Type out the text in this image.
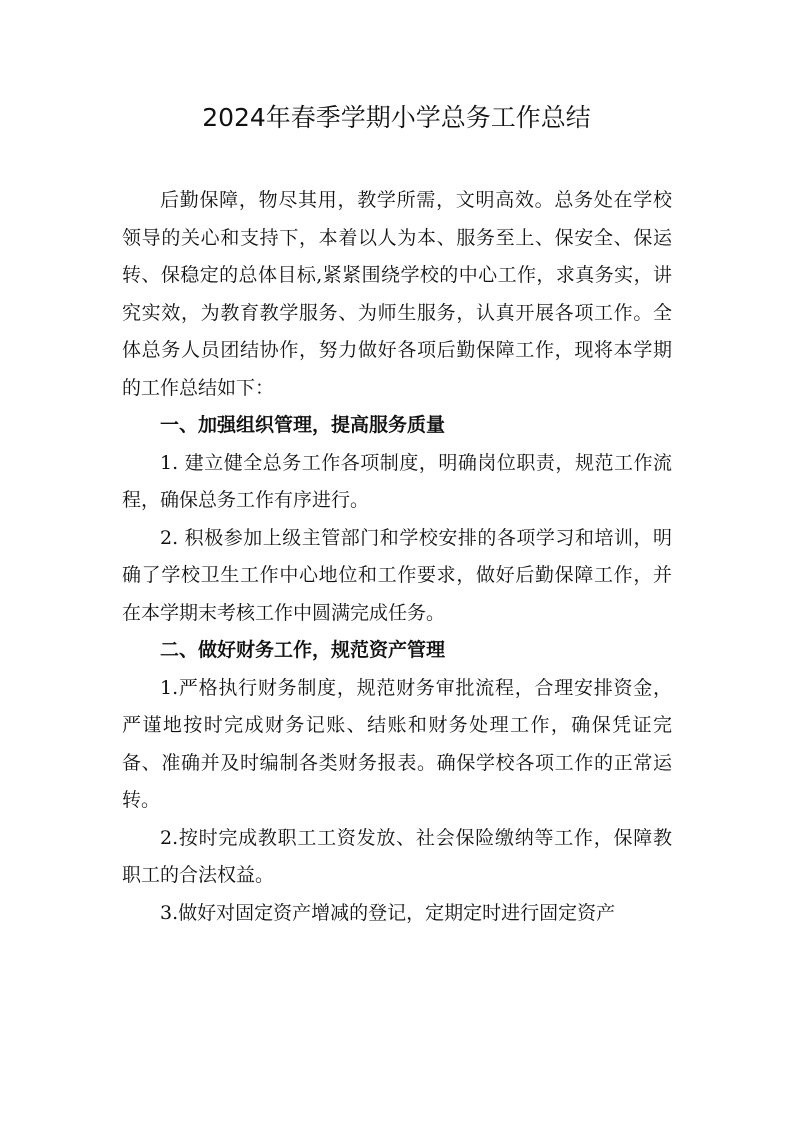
2024年春季学期小学总务工作总结

后勤保障，物尽其用，教学所需，文明高效。总务处在学校领导的关心和支持下，本着以人为本、服务至上、保安全、保运转、保稳定的总体目标,紧紧围绕学校的中心工作，求真务实，讲究实效，为教育教学服务、为师生服务，认真开展各项工作。全体总务人员团结协作，努力做好各项后勤保障工作，现将本学期的工作总结如下：

一、加强组织管理，提高服务质量

1. 建立健全总务工作各项制度，明确岗位职责，规范工作流程，确保总务工作有序进行。

2. 积极参加上级主管部门和学校安排的各项学习和培训，明确了学校卫生工作中心地位和工作要求，做好后勤保障工作，并在本学期末考核工作中圆满完成任务。

二、做好财务工作，规范资产管理

1.严格执行财务制度，规范财务审批流程，合理安排资金，严谨地按时完成财务记账、结账和财务处理工作，确保凭证完备、准确并及时编制各类财务报表。确保学校各项工作的正常运转。

2.按时完成教职工工资发放、社会保险缴纳等工作，保障教职工的合法权益。

3.做好对固定资产增减的登记，定期定时进行固定资产
